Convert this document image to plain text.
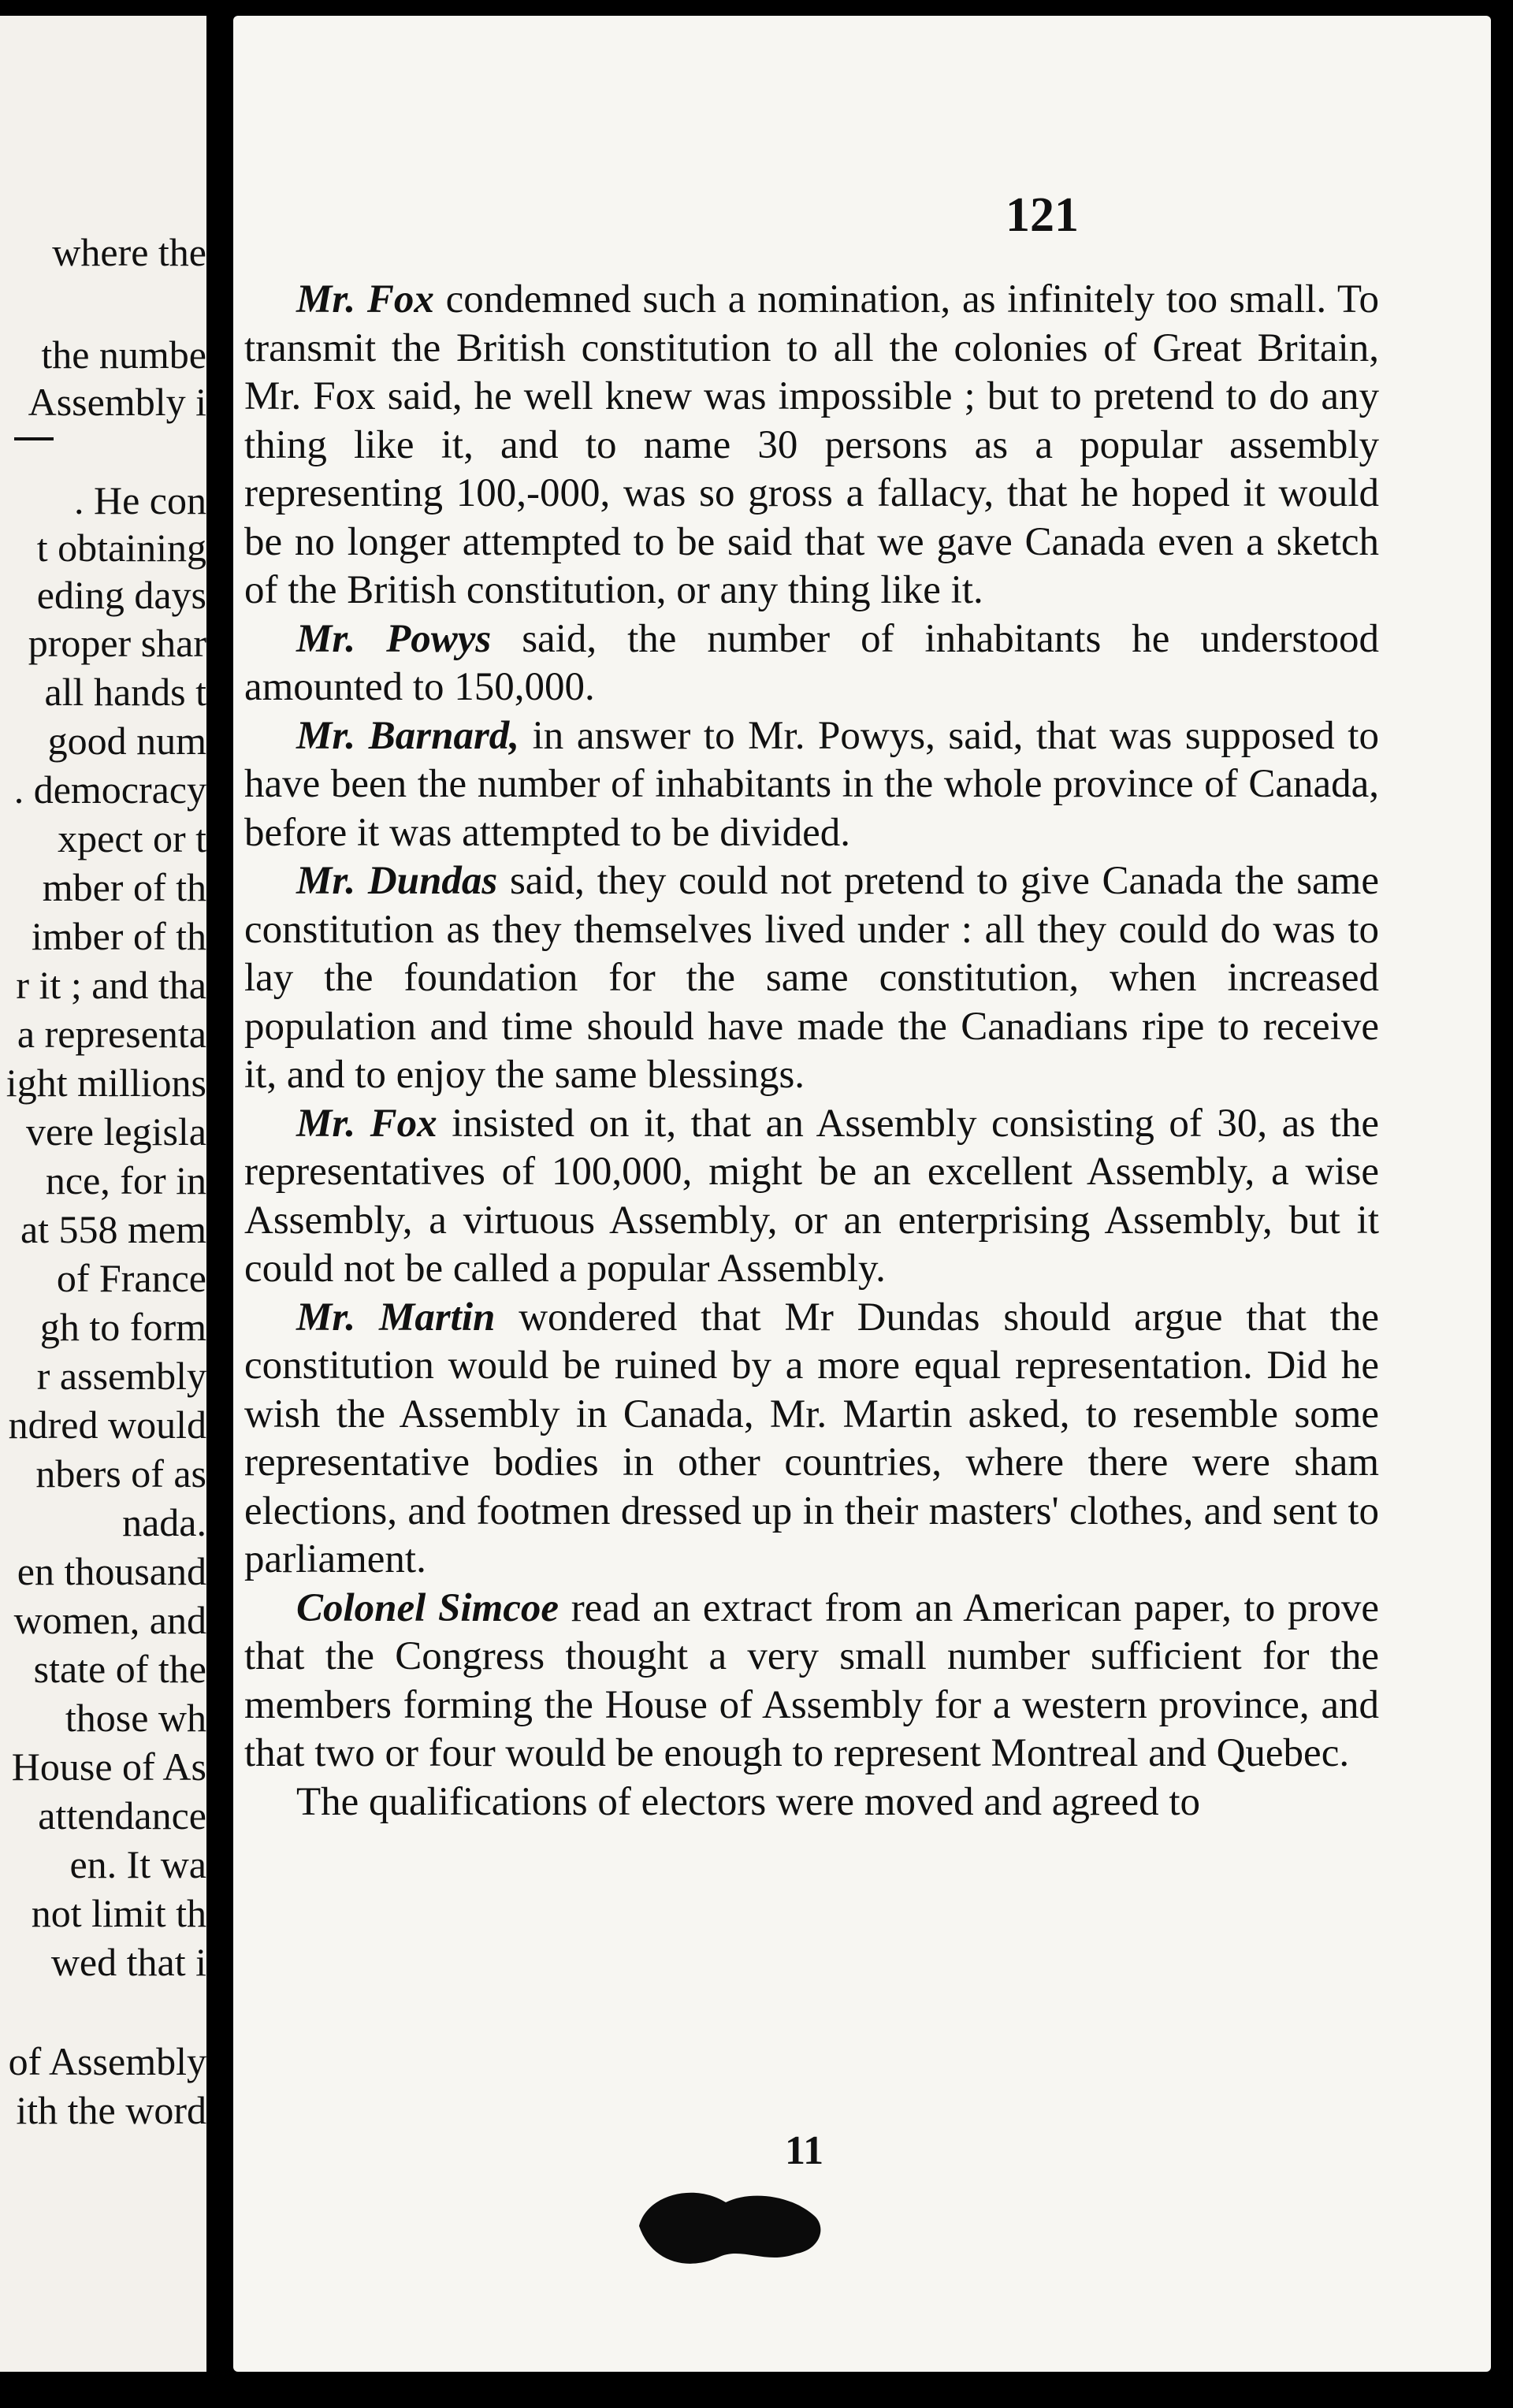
where the
the numbe
Assembly i
. He con
t obtaining
eding days
proper shar
all hands t
good num
. democracy
xpect or t
mber of th
imber of th
r it ; and tha
a representa
ight millions
vere legisla
nce, for in
at 558 mem
of France
gh to form
r assembly
ndred would
nbers of as
nada.
en thousand
women, and
state of the
those wh
House of As
attendance
en. It wa
not limit th
wed that i
of Assembly
ith the word
121

Mr. Fox condemned such a nomination, as infinitely too small. To transmit the British constitution to all the colonies of Great Britain, Mr. Fox said, he well knew was impossible ; but to pretend to do any thing like it, and to name 30 persons as a popular assembly representing 100,-000, was so gross a fallacy, that he hoped it would be no longer attempted to be said that we gave Canada even a sketch of the British constitution, or any thing like it.

Mr. Powys said, the number of inhabitants he understood amounted to 150,000.

Mr. Barnard, in answer to Mr. Powys, said, that was supposed to have been the number of inhabitants in the whole province of Canada, before it was attempted to be divided.

Mr. Dundas said, they could not pretend to give Canada the same constitution as they themselves lived under : all they could do was to lay the foundation for the same constitution, when increased population and time should have made the Canadians ripe to receive it, and to enjoy the same blessings.

Mr. Fox insisted on it, that an Assembly consisting of 30, as the representatives of 100,000, might be an excellent Assembly, a wise Assembly, a virtuous Assembly, or an enterprising Assembly, but it could not be called a popular Assembly.

Mr. Martin wondered that Mr Dundas should argue that the constitution would be ruined by a more equal representation. Did he wish the Assembly in Canada, Mr. Martin asked, to resemble some representative bodies in other countries, where there were sham elections, and footmen dressed up in their masters' clothes, and sent to parliament.

Colonel Simcoe read an extract from an American paper, to prove that the Congress thought a very small number sufficient for the members forming the House of Assembly for a western province, and that two or four would be enough to represent Montreal and Quebec.

The qualifications of electors were moved and agreed to

11
